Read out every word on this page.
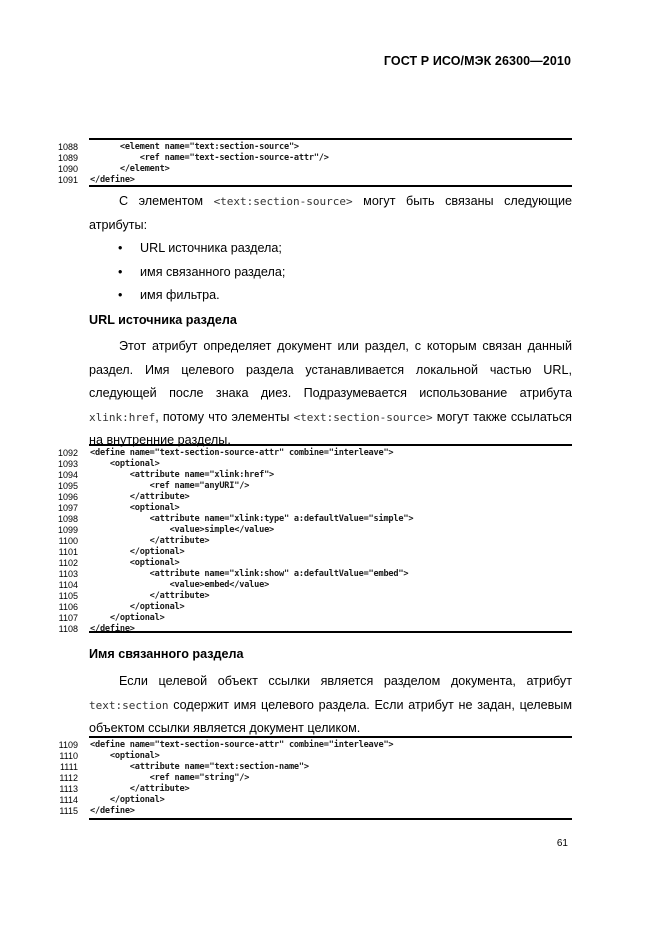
ГОСТ Р ИСО/МЭК 26300—2010
1088 <element name="text:section-source">
1089 <ref name="text-section-source-attr"/>
1090 </element>
1091 </define>
С элементом <text:section-source> могут быть связаны следующие атрибуты:
• URL источника раздела;
• имя связанного раздела;
• имя фильтра.
URL источника раздела
Этот атрибут определяет документ или раздел, с которым связан данный раздел. Имя целевого раздела устанавливается локальной частью URL, следующей после знака диез. Подразумевается использование атрибута xlink:href, потому что элементы <text:section-source> могут также ссылаться на внутренние разделы.
1092 <define name="text-section-source-attr" combine="interleave">
1093 <optional>
1094 <attribute name="xlink:href">
1095 <ref name="anyURI"/>
1096 </attribute>
1097 <optional>
1098 <attribute name="xlink:type" a:defaultValue="simple">
1099 <value>simple</value>
1100 </attribute>
1101 </optional>
1102 <optional>
1103 <attribute name="xlink:show" a:defaultValue="embed">
1104 <value>embed</value>
1105 </attribute>
1106 </optional>
1107 </optional>
1108 </define>
Имя связанного раздела
Если целевой объект ссылки является разделом документа, атрибут text:section содержит имя целевого раздела. Если атрибут не задан, целевым объектом ссылки является документ целиком.
1109 <define name="text-section-source-attr" combine="interleave">
1110 <optional>
1111 <attribute name="text:section-name">
1112 <ref name="string"/>
1113 </attribute>
1114 </optional>
1115 </define>
61
